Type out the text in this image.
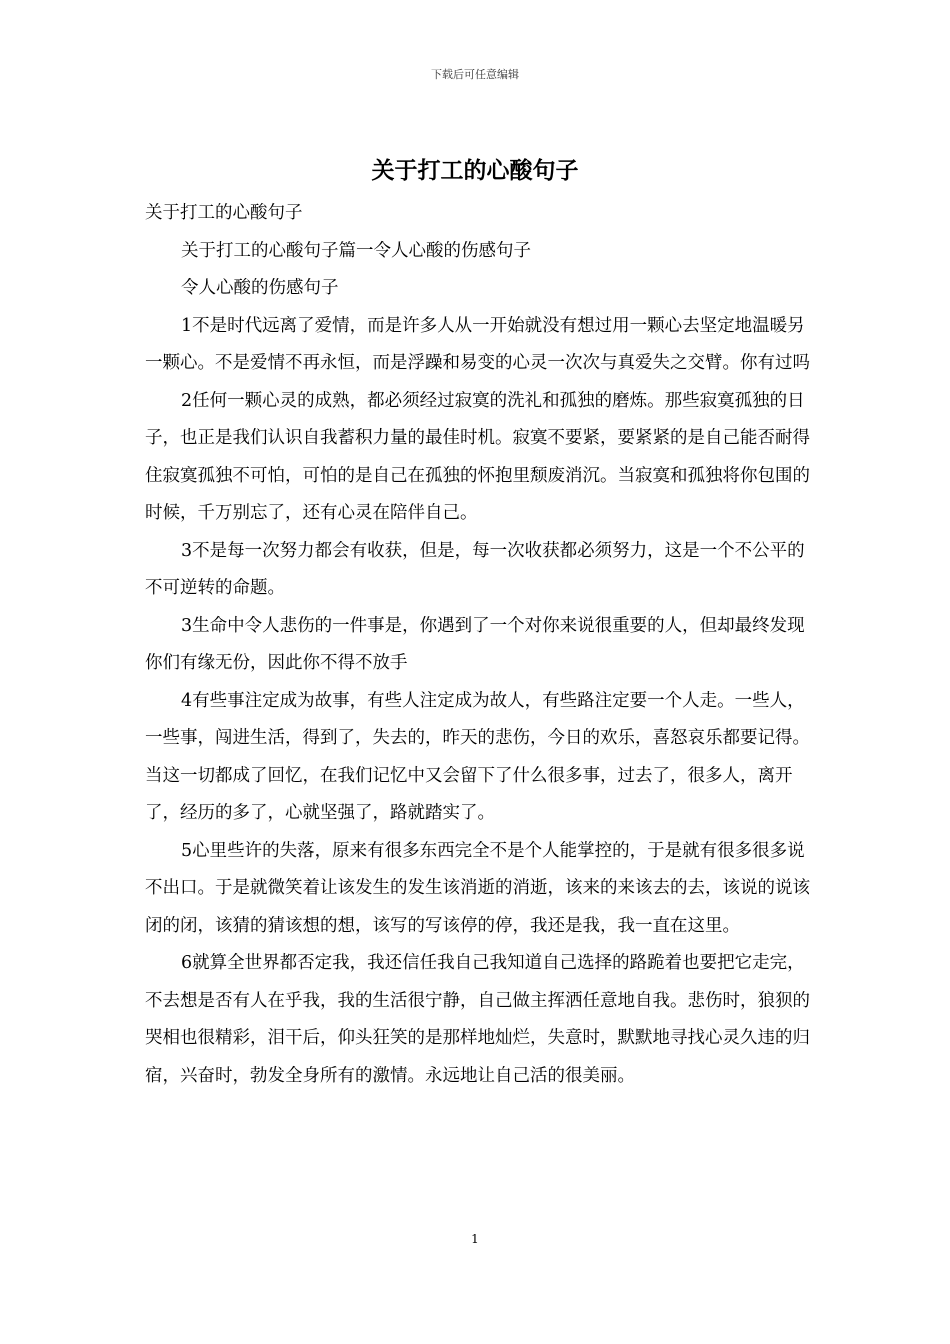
下载后可任意编辑
关于打工的心酸句子

关于打工的心酸句子

关于打工的心酸句子篇一令人心酸的伤感句子

令人心酸的伤感句子

1不是时代远离了爱情，而是许多人从一开始就没有想过用一颗心去坚定地温暖另一颗心。不是爱情不再永恒，而是浮躁和易变的心灵一次次与真爱失之交臂。你有过吗

2任何一颗心灵的成熟，都必须经过寂寞的洗礼和孤独的磨炼。那些寂寞孤独的日子，也正是我们认识自我蓄积力量的最佳时机。寂寞不要紧，要紧紧的是自己能否耐得住寂寞孤独不可怕，可怕的是自己在孤独的怀抱里颓废消沉。当寂寞和孤独将你包围的时候，千万别忘了，还有心灵在陪伴自己。

3不是每一次努力都会有收获，但是，每一次收获都必须努力，这是一个不公平的不可逆转的命题。

3生命中令人悲伤的一件事是，你遇到了一个对你来说很重要的人，但却最终发现你们有缘无份，因此你不得不放手

4有些事注定成为故事，有些人注定成为故人，有些路注定要一个人走。一些人，一些事，闯进生活，得到了，失去的，昨天的悲伤，今日的欢乐，喜怒哀乐都要记得。当这一切都成了回忆，在我们记忆中又会留下了什么很多事，过去了，很多人，离开了，经历的多了，心就坚强了，路就踏实了。

5心里些许的失落，原来有很多东西完全不是个人能掌控的，于是就有很多很多说不出口。于是就微笑着让该发生的发生该消逝的消逝，该来的来该去的去，该说的说该闭的闭，该猜的猜该想的想，该写的写该停的停，我还是我，我一直在这里。

6就算全世界都否定我，我还信任我自己我知道自己选择的路跪着也要把它走完，不去想是否有人在乎我，我的生活很宁静，自己做主挥洒任意地自我。悲伤时，狼狈的哭相也很精彩，泪干后，仰头狂笑的是那样地灿烂，失意时，默默地寻找心灵久违的归宿，兴奋时，勃发全身所有的激情。永远地让自己活的很美丽。

1
